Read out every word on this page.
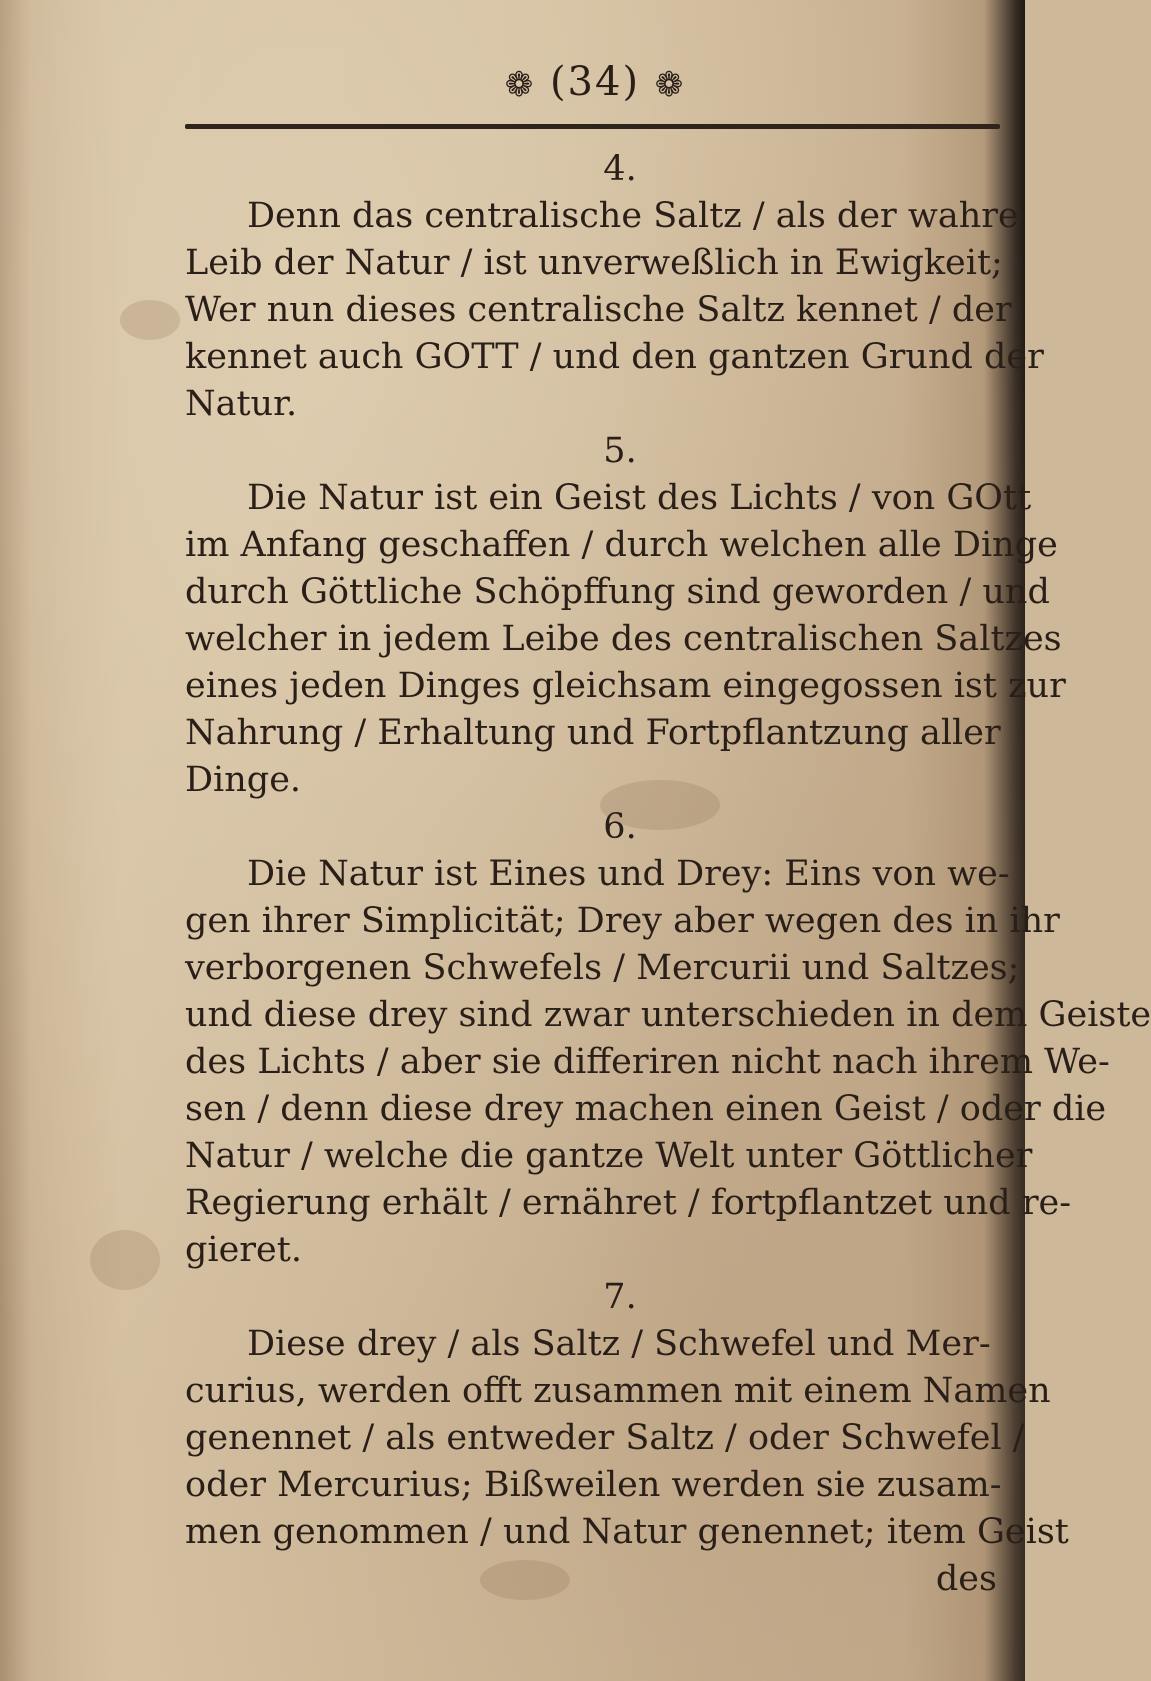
❁ (34) ❁
4.
Denn das centralische Saltz / als der wahre
Leib der Natur / ist unverweßlich in Ewigkeit;
Wer nun dieses centralische Saltz kennet / der
kennet auch GOTT / und den gantzen Grund der
Natur.
5.
Die Natur ist ein Geist des Lichts / von GOtt
im Anfang geschaffen / durch welchen alle Dinge
durch Göttliche Schöpffung sind geworden / und
welcher in jedem Leibe des centralischen Saltzes
eines jeden Dinges gleichsam eingegossen ist zur
Nahrung / Erhaltung und Fortpflantzung aller
Dinge.
6.
Die Natur ist Eines und Drey: Eins von we-
gen ihrer Simplicität; Drey aber wegen des in ihr
verborgenen Schwefels / Mercurii und Saltzes;
und diese drey sind zwar unterschieden in dem Geiste
des Lichts / aber sie differiren nicht nach ihrem We-
sen / denn diese drey machen einen Geist / oder die
Natur / welche die gantze Welt unter Göttlicher
Regierung erhält / ernähret / fortpflantzet und re-
gieret.
7.
Diese drey / als Saltz / Schwefel und Mer-
curius, werden offt zusammen mit einem Namen
genennet / als entweder Saltz / oder Schwefel /
oder Mercurius; Bißweilen werden sie zusam-
men genommen / und Natur genennet; item Geist
des
